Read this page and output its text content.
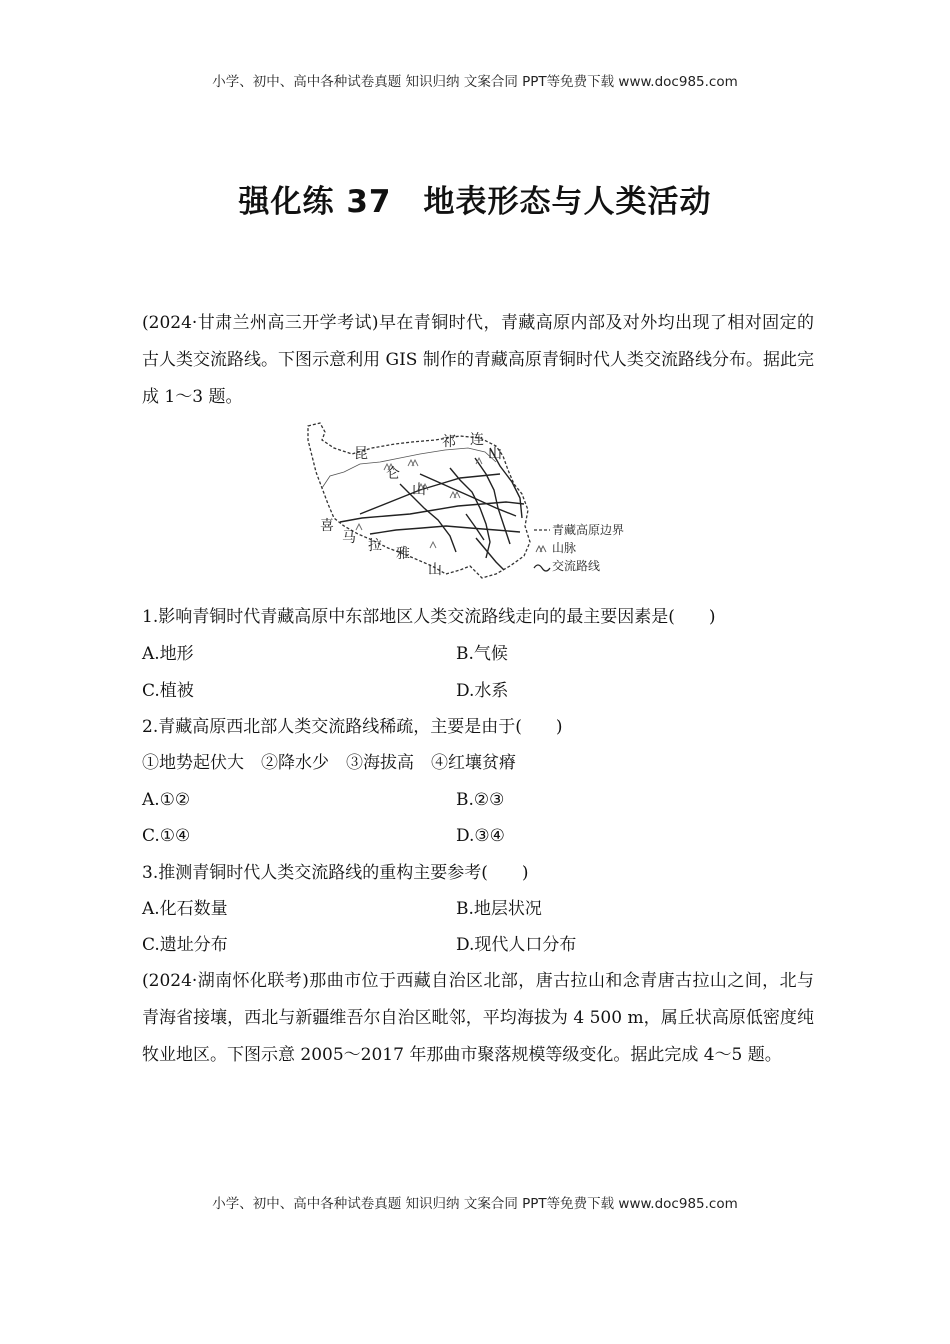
小学、初中、高中各种试卷真题 知识归纳 文案合同 PPT等免费下载 www.doc985.com
强化练 37　地表形态与人类活动
(2024·甘肃兰州高三开学考试)早在青铜时代，青藏高原内部及对外均出现了相对固定的古人类交流路线。下图示意利用 GIS 制作的青藏高原青铜时代人类交流路线分布。据此完成 1～3 题。
昆
仑
山
祁 连
山
喜
马 拉 雅
山
青藏高原边界
山脉
交流路线
1.影响青铜时代青藏高原中东部地区人类交流路线走向的最主要因素是(　　)
A.地形	B.气候
C.植被	D.水系
2.青藏高原西北部人类交流路线稀疏，主要是由于(　　)
①地势起伏大　②降水少　③海拔高　④红壤贫瘠
A.①②	B.②③
C.①④	D.③④
3.推测青铜时代人类交流路线的重构主要参考(　　)
A.化石数量	B.地层状况
C.遗址分布	D.现代人口分布
(2024·湖南怀化联考)那曲市位于西藏自治区北部，唐古拉山和念青唐古拉山之间，北与青海省接壤，西北与新疆维吾尔自治区毗邻，平均海拔为 4 500 m，属丘状高原低密度纯牧业地区。下图示意 2005～2017 年那曲市聚落规模等级变化。据此完成 4～5 题。
小学、初中、高中各种试卷真题 知识归纳 文案合同 PPT等免费下载 www.doc985.com
